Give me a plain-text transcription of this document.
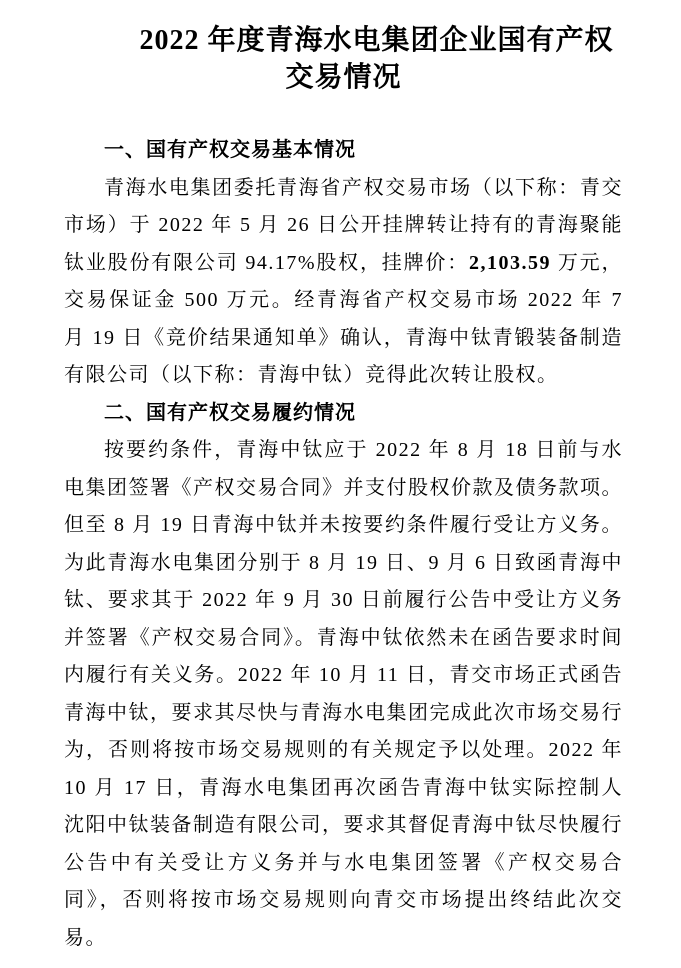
2022 年度青海水电集团企业国有产权
交易情况
一、国有产权交易基本情况

青海水电集团委托青海省产权交易市场（以下称：青交市场）于 2022 年 5 月 26 日公开挂牌转让持有的青海聚能钛业股份有限公司 94.17%股权，挂牌价：2,103.59 万元，交易保证金 500 万元。经青海省产权交易市场 2022 年 7 月 19 日《竞价结果通知单》确认，青海中钛青锻装备制造有限公司（以下称：青海中钛）竞得此次转让股权。

二、国有产权交易履约情况

按要约条件，青海中钛应于 2022 年 8 月 18 日前与水电集团签署《产权交易合同》并支付股权价款及债务款项。但至 8 月 19 日青海中钛并未按要约条件履行受让方义务。为此青海水电集团分别于 8 月 19 日、9 月 6 日致函青海中钛、要求其于 2022 年 9 月 30 日前履行公告中受让方义务并签署《产权交易合同》。青海中钛依然未在函告要求时间内履行有关义务。2022 年 10 月 11 日，青交市场正式函告青海中钛，要求其尽快与青海水电集团完成此次市场交易行为，否则将按市场交易规则的有关规定予以处理。2022 年 10 月 17 日，青海水电集团再次函告青海中钛实际控制人沈阳中钛装备制造有限公司，要求其督促青海中钛尽快履行公告中有关受让方义务并与水电集团签署《产权交易合同》，否则将按市场交易规则向青交市场提出终结此次交易。
